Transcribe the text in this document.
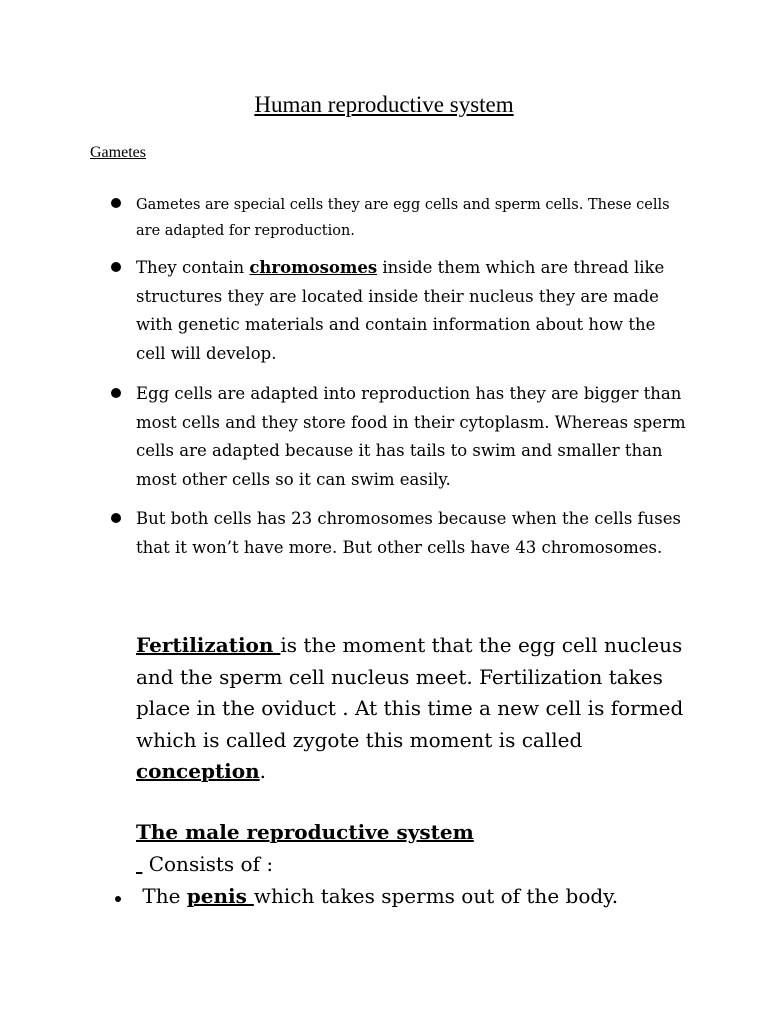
Human reproductive system

Gametes

Gametes are special cells they are egg cells and sperm cells. These cells are adapted for reproduction.

They contain chromosomes inside them which are thread like structures they are located inside their nucleus they are made with genetic materials and contain information about how the cell will develop.

Egg cells are adapted into reproduction has they are bigger than most cells and they store food in their cytoplasm. Whereas sperm cells are adapted because it has tails to swim and smaller than most other cells so it can swim easily.

But both cells has 23 chromosomes because when the cells fuses that it won’t have more. But other cells have 43 chromosomes.

Fertilization is the moment that the egg cell nucleus and the sperm cell nucleus meet. Fertilization takes place in the oviduct . At this time a new cell is formed which is called zygote this moment is called conception.

The male reproductive system

Consists of :

The penis which takes sperms out of the body.
